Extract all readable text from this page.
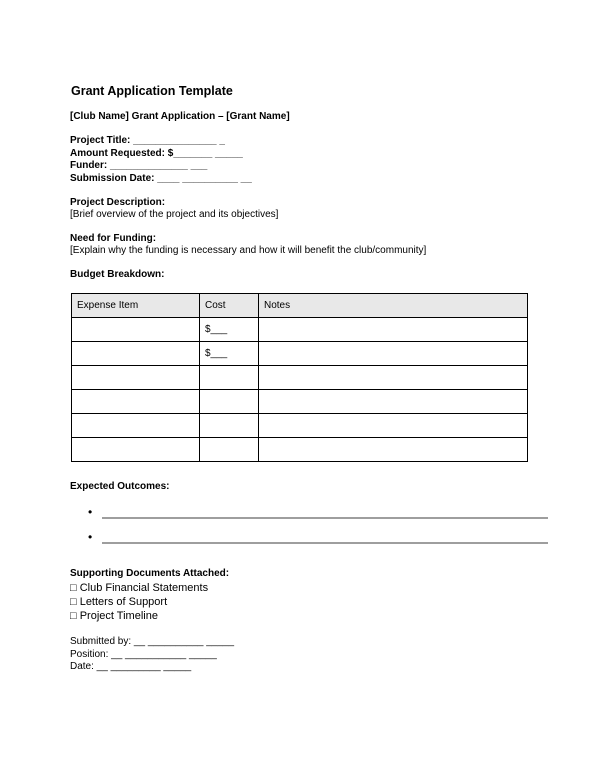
Grant Application Template
[Club Name] Grant Application – [Grant Name]
Project Title: _______________ _
Amount Requested: $_______ _____
Funder: ______________ ___
Submission Date: ____ __________ __
Project Description:
[Brief overview of the project and its objectives]
Need for Funding:
[Explain why the funding is necessary and how it will benefit the club/community]
Budget Breakdown:
Expense Item	Cost	Notes
	$___	
	$___	

Expected Outcomes:
•
•
Supporting Documents Attached:
□ Club Financial Statements
□ Letters of Support
□ Project Timeline
Submitted by: __ __________ _____
Position: __ ___________ _____
Date: __ _________ _____
